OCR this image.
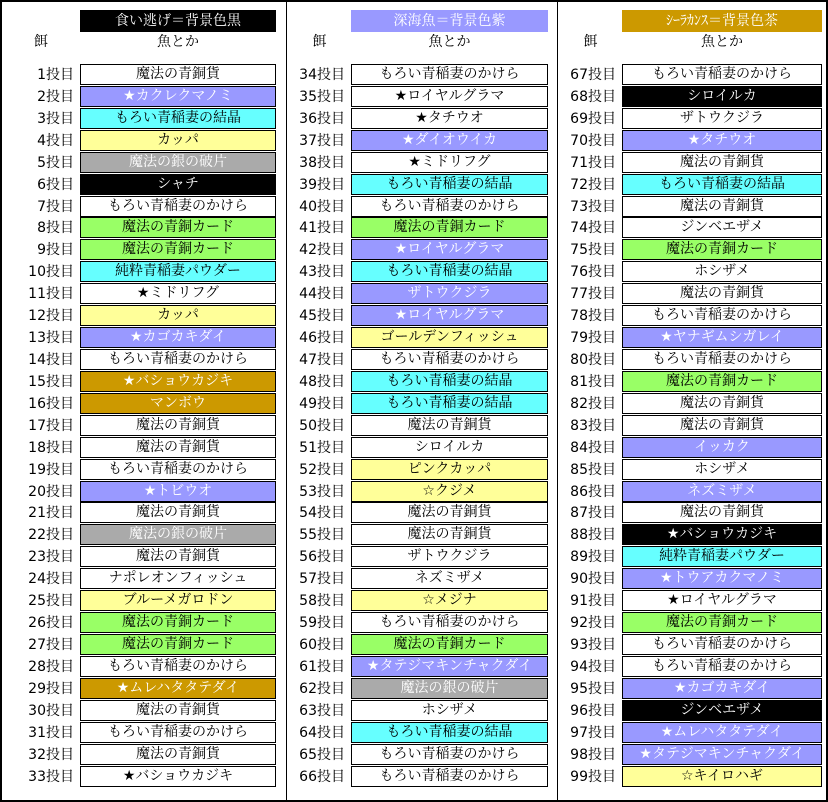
食い逃げ＝背景色黒
餌	魚とか
1投目	魔法の青銅貨
2投目	★カクレクマノミ
3投目	もろい青稲妻の結晶
4投目	カッパ
5投目	魔法の銀の破片
6投目	シャチ
7投目	もろい青稲妻のかけら
8投目	魔法の青銅カード
9投目	魔法の青銅カード
10投目	純粋青稲妻パウダー
11投目	★ミドリフグ
12投目	カッパ
13投目	★カゴカキダイ
14投目	もろい青稲妻のかけら
15投目	★バショウカジキ
16投目	マンボウ
17投目	魔法の青銅貨
18投目	魔法の青銅貨
19投目	もろい青稲妻のかけら
20投目	★トビウオ
21投目	魔法の青銅貨
22投目	魔法の銀の破片
23投目	魔法の青銅貨
24投目	ナポレオンフィッシュ
25投目	ブルーメガロドン
26投目	魔法の青銅カード
27投目	魔法の青銅カード
28投目	もろい青稲妻のかけら
29投目	★ムレハタタテダイ
30投目	魔法の青銅貨
31投目	もろい青稲妻のかけら
32投目	魔法の青銅貨
33投目	★バショウカジキ
深海魚＝背景色紫
餌	魚とか
34投目	もろい青稲妻のかけら
35投目	★ロイヤルグラマ
36投目	★タチウオ
37投目	★ダイオウイカ
38投目	★ミドリフグ
39投目	もろい青稲妻の結晶
40投目	もろい青稲妻のかけら
41投目	魔法の青銅カード
42投目	★ロイヤルグラマ
43投目	もろい青稲妻の結晶
44投目	ザトウクジラ
45投目	★ロイヤルグラマ
46投目	ゴールデンフィッシュ
47投目	もろい青稲妻のかけら
48投目	もろい青稲妻の結晶
49投目	もろい青稲妻の結晶
50投目	魔法の青銅貨
51投目	シロイルカ
52投目	ピンクカッパ
53投目	☆クジメ
54投目	魔法の青銅貨
55投目	魔法の青銅貨
56投目	ザトウクジラ
57投目	ネズミザメ
58投目	☆メジナ
59投目	もろい青稲妻のかけら
60投目	魔法の青銅カード
61投目	★タテジマキンチャクダイ
62投目	魔法の銀の破片
63投目	ホシザメ
64投目	もろい青稲妻の結晶
65投目	もろい青稲妻のかけら
66投目	もろい青稲妻のかけら
ｼｰﾗｶﾝｽ＝背景色茶
餌	魚とか
67投目	もろい青稲妻のかけら
68投目	シロイルカ
69投目	ザトウクジラ
70投目	★タチウオ
71投目	魔法の青銅貨
72投目	もろい青稲妻の結晶
73投目	魔法の青銅貨
74投目	ジンベエザメ
75投目	魔法の青銅カード
76投目	ホシザメ
77投目	魔法の青銅貨
78投目	もろい青稲妻のかけら
79投目	★ヤナギムシガレイ
80投目	もろい青稲妻のかけら
81投目	魔法の青銅カード
82投目	魔法の青銅貨
83投目	魔法の青銅貨
84投目	イッカク
85投目	ホシザメ
86投目	ネズミザメ
87投目	魔法の青銅貨
88投目	★バショウカジキ
89投目	純粋青稲妻パウダー
90投目	★トウアカクマノミ
91投目	★ロイヤルグラマ
92投目	魔法の青銅カード
93投目	もろい青稲妻のかけら
94投目	もろい青稲妻のかけら
95投目	★カゴカキダイ
96投目	ジンベエザメ
97投目	★ムレハタタテダイ
98投目	★タテジマキンチャクダイ
99投目	☆キイロハギ
